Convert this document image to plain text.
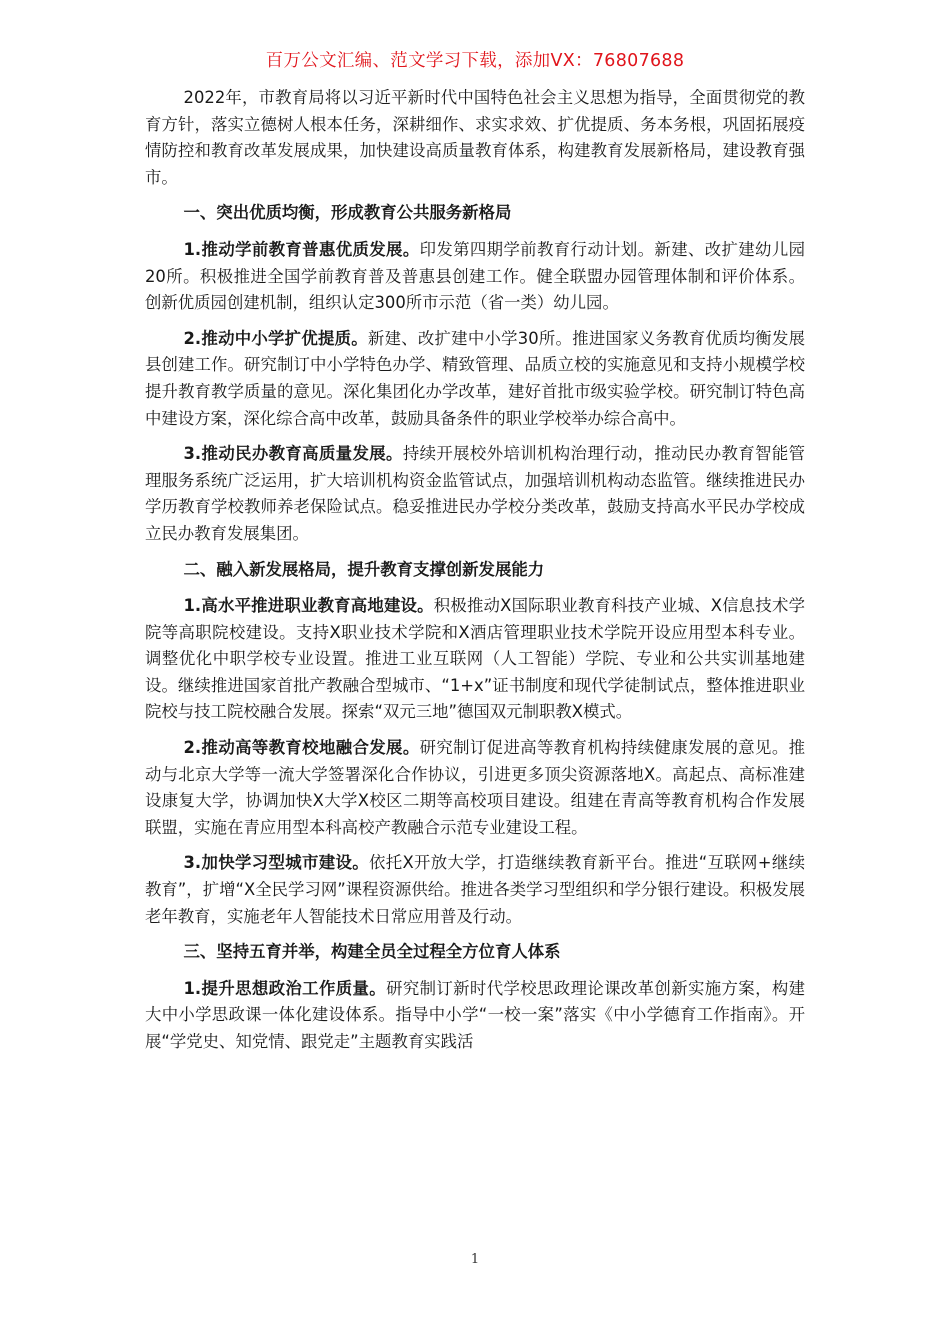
百万公文汇编、范文学习下载，添加VX：76807688

2022年，市教育局将以习近平新时代中国特色社会主义思想为指导，全面贯彻党的教育方针，落实立德树人根本任务，深耕细作、求实求效、扩优提质、务本务根，巩固拓展疫情防控和教育改革发展成果，加快建设高质量教育体系，构建教育发展新格局，建设教育强市。

一、突出优质均衡，形成教育公共服务新格局

1.推动学前教育普惠优质发展。印发第四期学前教育行动计划。新建、改扩建幼儿园20所。积极推进全国学前教育普及普惠县创建工作。健全联盟办园管理体制和评价体系。创新优质园创建机制，组织认定300所市示范（省一类）幼儿园。

2.推动中小学扩优提质。新建、改扩建中小学30所。推进国家义务教育优质均衡发展县创建工作。研究制订中小学特色办学、精致管理、品质立校的实施意见和支持小规模学校提升教育教学质量的意见。深化集团化办学改革，建好首批市级实验学校。研究制订特色高中建设方案，深化综合高中改革，鼓励具备条件的职业学校举办综合高中。

3.推动民办教育高质量发展。持续开展校外培训机构治理行动，推动民办教育智能管理服务系统广泛运用，扩大培训机构资金监管试点，加强培训机构动态监管。继续推进民办学历教育学校教师养老保险试点。稳妥推进民办学校分类改革，鼓励支持高水平民办学校成立民办教育发展集团。

二、融入新发展格局，提升教育支撑创新发展能力

1.高水平推进职业教育高地建设。积极推动X国际职业教育科技产业城、X信息技术学院等高职院校建设。支持X职业技术学院和X酒店管理职业技术学院开设应用型本科专业。调整优化中职学校专业设置。推进工业互联网（人工智能）学院、专业和公共实训基地建设。继续推进国家首批产教融合型城市、“1+x”证书制度和现代学徒制试点，整体推进职业院校与技工院校融合发展。探索“双元三地”德国双元制职教X模式。

2.推动高等教育校地融合发展。研究制订促进高等教育机构持续健康发展的意见。推动与北京大学等一流大学签署深化合作协议，引进更多顶尖资源落地X。高起点、高标准建设康复大学，协调加快X大学X校区二期等高校项目建设。组建在青高等教育机构合作发展联盟，实施在青应用型本科高校产教融合示范专业建设工程。

3.加快学习型城市建设。依托X开放大学，打造继续教育新平台。推进“互联网+继续教育”，扩增“X全民学习网”课程资源供给。推进各类学习型组织和学分银行建设。积极发展老年教育，实施老年人智能技术日常应用普及行动。

三、坚持五育并举，构建全员全过程全方位育人体系

1.提升思想政治工作质量。研究制订新时代学校思政理论课改革创新实施方案，构建大中小学思政课一体化建设体系。指导中小学“一校一案”落实《中小学德育工作指南》。开展“学党史、知党情、跟党走”主题教育实践活

1
